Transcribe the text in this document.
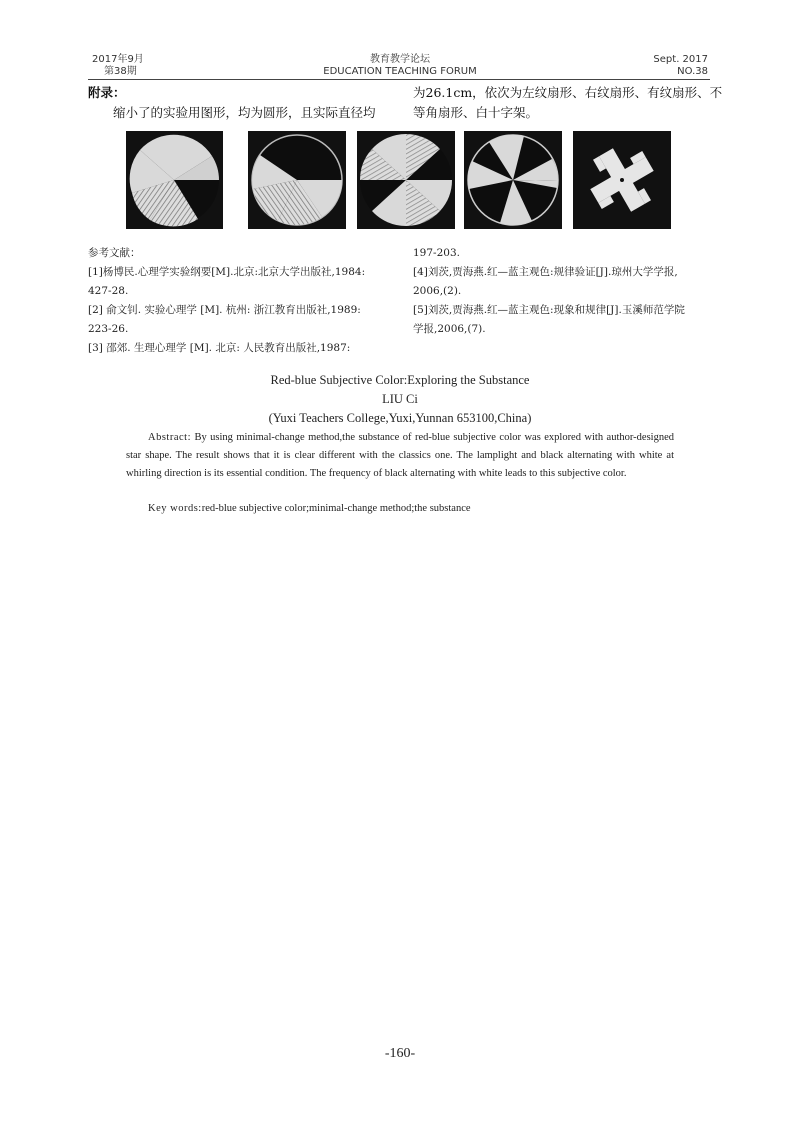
2017年9月
第38期
教育教学论坛
EDUCATION TEACHING FORUM
Sept. 2017
NO.38
附录：
缩小了的实验用图形，均为圆形，且实际直径均
为26.1cm，依次为左纹扇形、右纹扇形、有纹扇形、不
等角扇形、白十字架。
参考文献：
[1]杨博民.心理学实验纲要[M].北京:北京大学出版社,1984:
427-28.
[2] 俞文钊. 实验心理学 [M]. 杭州: 浙江教育出版社,1989:
223-26.
[3] 邵郊. 生理心理学 [M]. 北京: 人民教育出版社,1987:
197-203.
[4]刘茨,贾海燕.红—蓝主观色:规律验证[J].琼州大学学报,
2006,(2).
[5]刘茨,贾海燕.红—蓝主观色:现象和规律[J].玉溪师范学院
学报,2006,(7).
Red-blue Subjective Color:Exploring the Substance
LIU Ci
(Yuxi Teachers College,Yuxi,Yunnan 653100,China)
Abstract: By using minimal-change method,the substance of red-blue subjective color was explored with author-designed star shape. The result shows that it is clear different with the classics one. The lamplight and black alternating with white at whirling direction is its essential condition. The frequency of black alternating with white leads to this subjective color.
Key words:red-blue subjective color;minimal-change method;the substance
-160-
